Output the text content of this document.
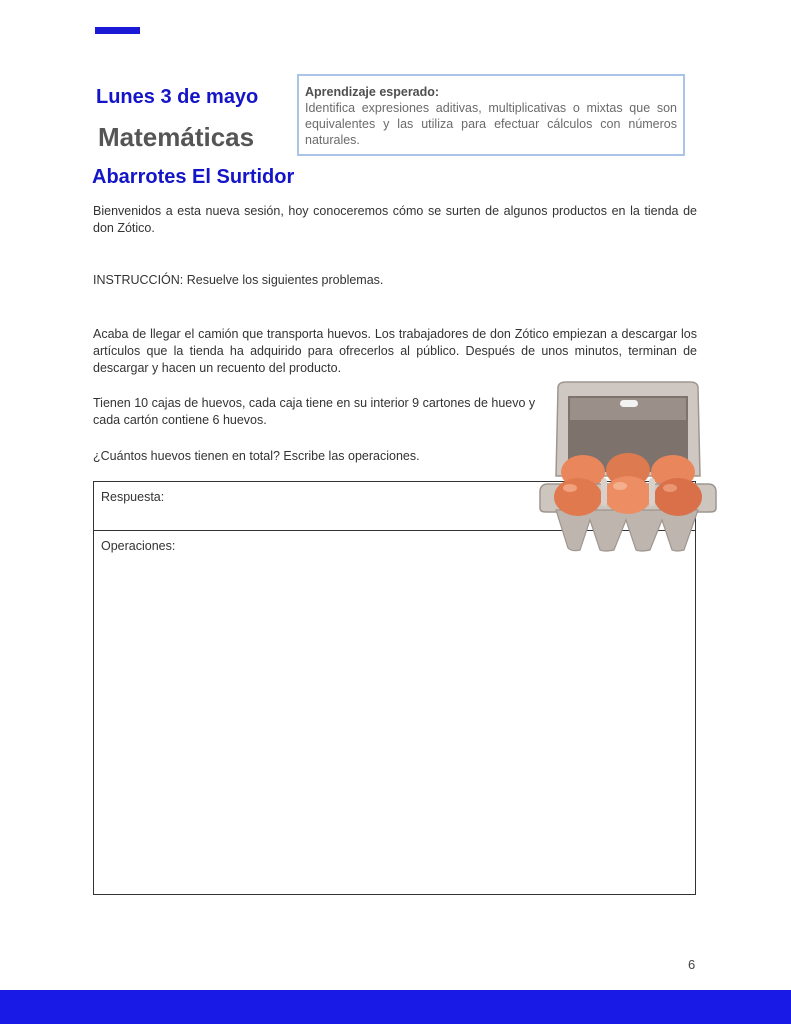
Lunes 3 de mayo
Matemáticas
Abarrotes El Surtidor
Aprendizaje esperado:
Identifica expresiones aditivas, multiplicativas o mixtas que son equivalentes y las utiliza para efectuar cálculos con números naturales.
Bienvenidos a esta nueva sesión, hoy conoceremos cómo se surten de algunos productos en la tienda de don Zótico.
INSTRUCCIÓN: Resuelve los siguientes problemas.
Acaba de llegar el camión que transporta huevos. Los trabajadores de don Zótico empiezan a descargar los artículos que la tienda ha adquirido para ofrecerlos al público. Después de unos minutos, terminan de descargar y hacen un recuento del producto.
Tienen 10 cajas de huevos, cada caja tiene en su interior 9 cartones de huevo y cada cartón contiene 6 huevos.
¿Cuántos huevos tienen en total? Escribe las operaciones.
Respuesta:
Operaciones:
6
